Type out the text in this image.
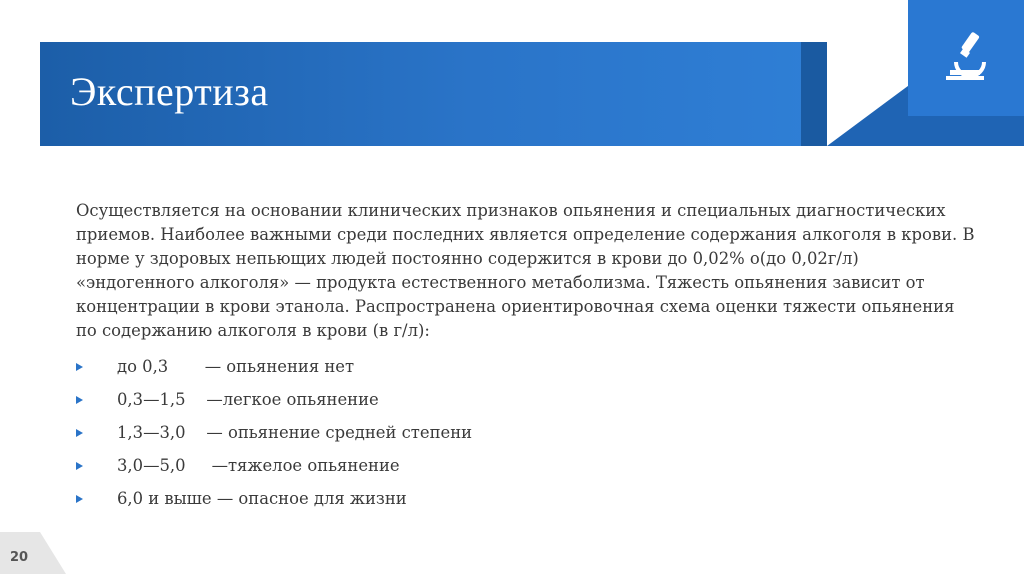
Экспертиза

Осуществляется на основании клинических признаков опьянения и специальных диагностических приемов. Наиболее важными среди последних является определение содержания алкоголя в крови. В норме у здоровых непьющих людей постоянно содержится в крови до 0,02% о(до 0,02г/л) «эндогенного алкоголя» — продукта естественного метаболизма. Тяжесть опьянения зависит от концентрации в крови этанола. Распространена ориентировочная схема оценки тяжести опьянения по содержанию алкоголя в крови (в г/л):

до 0,3       — опьянения нет
0,3—1,5    —легкое опьянение
1,3—3,0    — опьянение средней степени
3,0—5,0     —тяжелое опьянение
6,0 и выше — опасное для жизни
20
